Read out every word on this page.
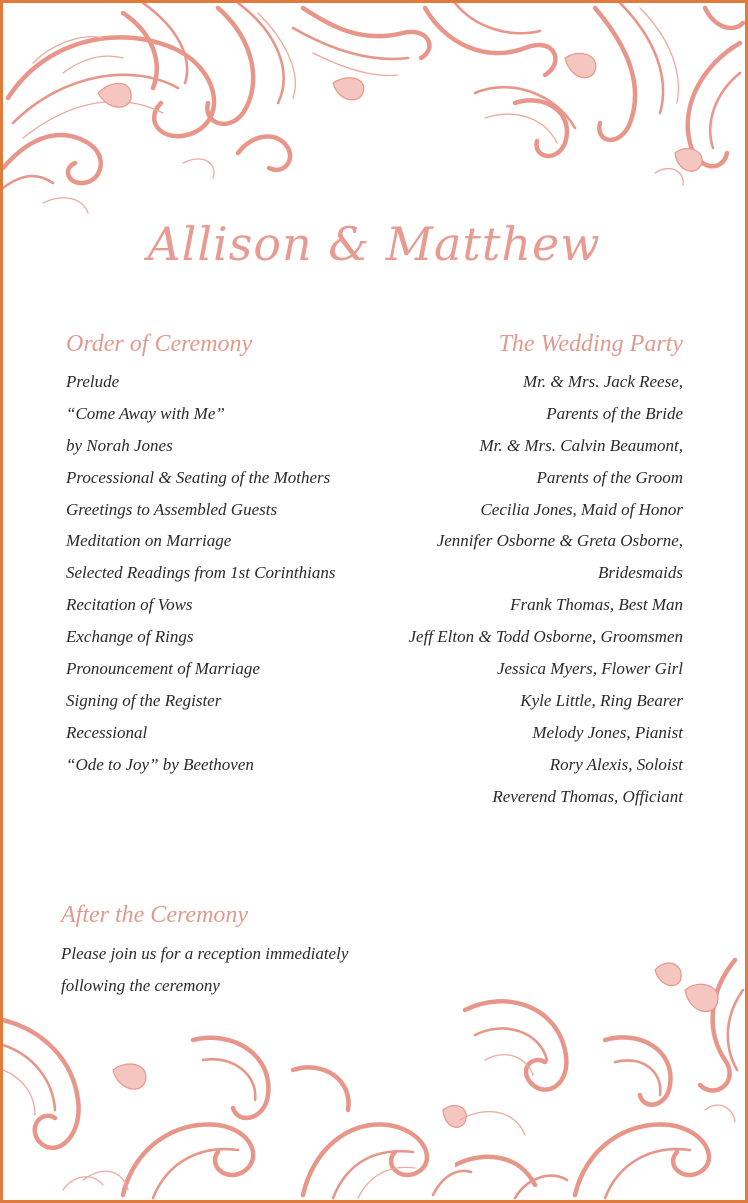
Allison & Matthew
Order of Ceremony
Prelude
“Come Away with Me”
by Norah Jones
Processional & Seating of the Mothers
Greetings to Assembled Guests
Meditation on Marriage
Selected Readings from 1st Corinthians
Recitation of Vows
Exchange of Rings
Pronouncement of Marriage
Signing of the Register
Recessional
“Ode to Joy” by Beethoven
The Wedding Party
Mr. & Mrs. Jack Reese,
Parents of the Bride
Mr. & Mrs. Calvin Beaumont,
Parents of the Groom
Cecilia Jones, Maid of Honor
Jennifer Osborne & Greta Osborne,
Bridesmaids
Frank Thomas, Best Man
Jeff Elton & Todd Osborne, Groomsmen
Jessica Myers, Flower Girl
Kyle Little, Ring Bearer
Melody Jones, Pianist
Rory Alexis, Soloist
Reverend Thomas, Officiant
After the Ceremony

Please join us for a reception immediately
following the ceremony
